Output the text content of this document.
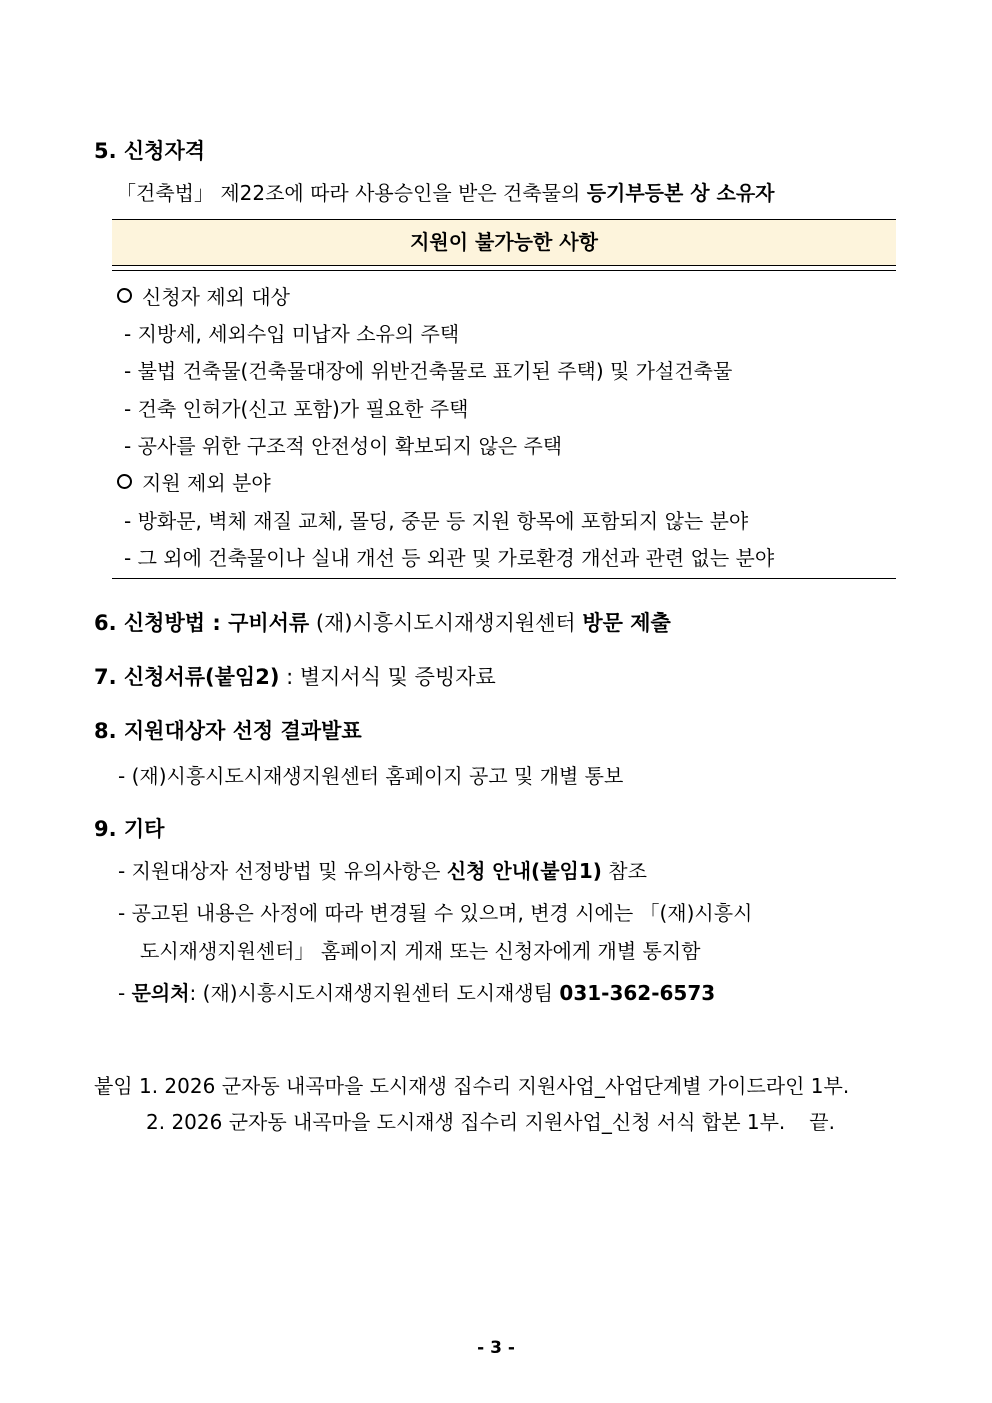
5. 신청자격
「건축법」 제22조에 따라 사용승인을 받은 건축물의 등기부등본 상 소유자
지원이 불가능한 사항
신청자 제외 대상
- 지방세, 세외수입 미납자 소유의 주택
- 불법 건축물(건축물대장에 위반건축물로 표기된 주택) 및 가설건축물
- 건축 인허가(신고 포함)가 필요한 주택
- 공사를 위한 구조적 안전성이 확보되지 않은 주택
지원 제외 분야
- 방화문, 벽체 재질 교체, 몰딩, 중문 등 지원 항목에 포함되지 않는 분야
- 그 외에 건축물이나 실내 개선 등 외관 및 가로환경 개선과 관련 없는 분야
6. 신청방법 : 구비서류 (재)시흥시도시재생지원센터 방문 제출
7. 신청서류(붙임2) : 별지서식 및 증빙자료
8. 지원대상자 선정 결과발표
- (재)시흥시도시재생지원센터 홈페이지 공고 및 개별 통보
9. 기타
- 지원대상자 선정방법 및 유의사항은 신청 안내(붙임1) 참조
- 공고된 내용은 사정에 따라 변경될 수 있으며, 변경 시에는 「(재)시흥시
도시재생지원센터」 홈페이지 게재 또는 신청자에게 개별 통지함
- 문의처: (재)시흥시도시재생지원센터 도시재생팀 031-362-6573
붙임 1. 2026 군자동 내곡마을 도시재생 집수리 지원사업_사업단계별 가이드라인 1부.
2. 2026 군자동 내곡마을 도시재생 집수리 지원사업_신청 서식 합본 1부. 끝.
- 3 -
